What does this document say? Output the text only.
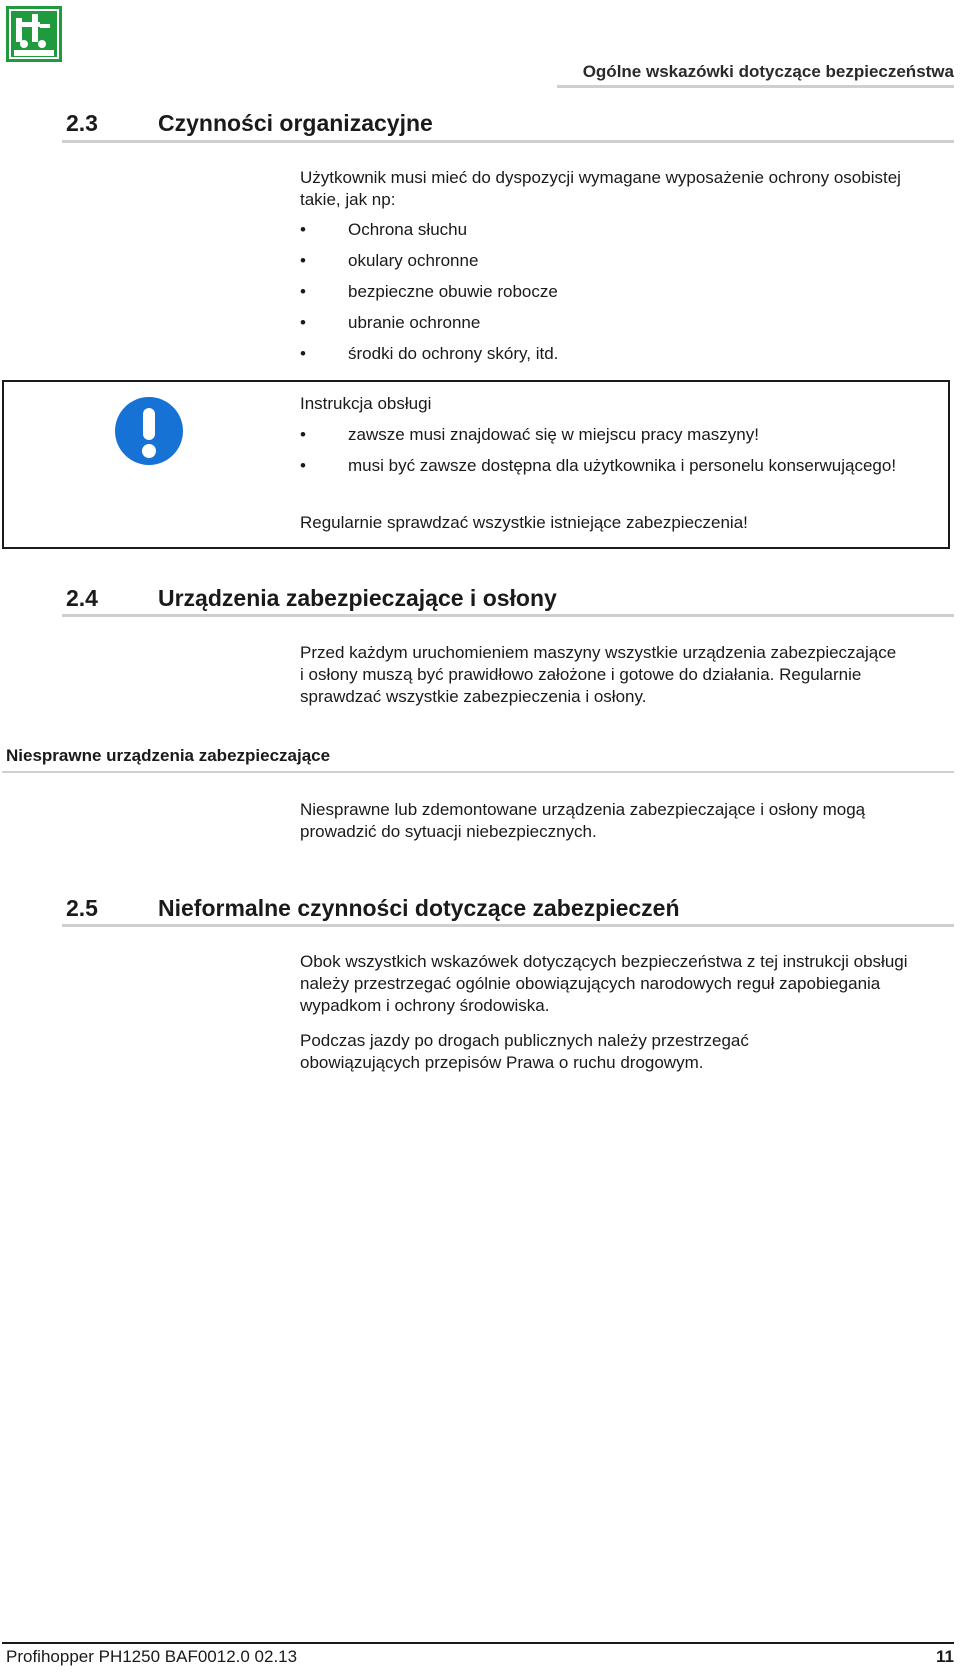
Ogólne wskazówki dotyczące bezpieczeństwa
2.3	Czynności organizacyjne
Użytkownik musi mieć do dyspozycji wymagane wyposażenie ochrony osobistej takie, jak np:
• Ochrona słuchu
• okulary ochronne
• bezpieczne obuwie robocze
• ubranie ochronne
• środki do ochrony skóry, itd.
Instrukcja obsługi
• zawsze musi znajdować się w miejscu pracy maszyny!
• musi być zawsze dostępna dla użytkownika i personelu konserwującego!
Regularnie sprawdzać wszystkie istniejące zabezpieczenia!
2.4	Urządzenia zabezpieczające i osłony
Przed każdym uruchomieniem maszyny wszystkie urządzenia zabezpieczające i osłony muszą być prawidłowo założone i gotowe do działania. Regularnie sprawdzać wszystkie zabezpieczenia i osłony.
Niesprawne urządzenia zabezpieczające
Niesprawne lub zdemontowane urządzenia zabezpieczające i osłony mogą prowadzić do sytuacji niebezpiecznych.
2.5	Nieformalne czynności dotyczące zabezpieczeń
Obok wszystkich wskazówek dotyczących bezpieczeństwa z tej instrukcji obsługi należy przestrzegać ogólnie obowiązujących narodowych reguł zapobiegania wypadkom i ochrony środowiska.
Podczas jazdy po drogach publicznych należy przestrzegać obowiązujących przepisów Prawa o ruchu drogowym.
Profihopper PH1250 BAF0012.0 02.13	11
